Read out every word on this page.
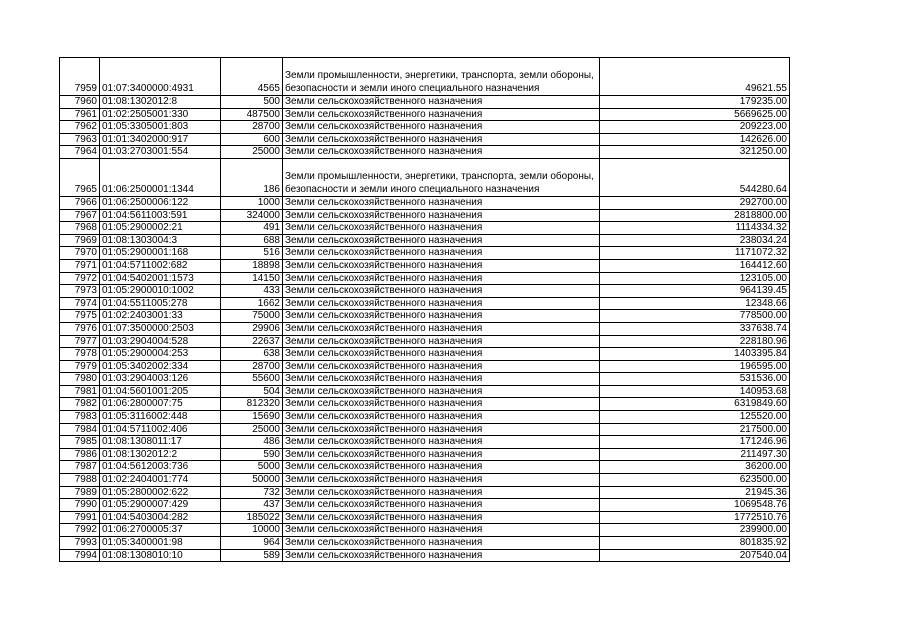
7959	01:07:3400000:4931	4565	Земли промышленности, энергетики, транспорта, земли обороны, безопасности и земли иного специального назначения	49621.55
7960	01:08:1302012:8	500	Земли сельскохозяйственного назначения	179235.00
7961	01:02:2505001:330	487500	Земли сельскохозяйственного назначения	5669625.00
7962	01:05:3305001:803	28700	Земли сельскохозяйственного назначения	209223.00
7963	01:01:3402000:917	600	Земли сельскохозяйственного назначения	142626.00
7964	01:03:2703001:554	25000	Земли сельскохозяйственного назначения	321250.00
7965	01:06:2500001:1344	186	Земли промышленности, энергетики, транспорта, земли обороны, безопасности и земли иного специального назначения	544280.64
7966	01:06:2500006:122	1000	Земли сельскохозяйственного назначения	292700.00
7967	01:04:5611003:591	324000	Земли сельскохозяйственного назначения	2818800.00
7968	01:05:2900002:21	491	Земли сельскохозяйственного назначения	1114334.32
7969	01:08:1303004:3	688	Земли сельскохозяйственного назначения	238034.24
7970	01:05:2900001:168	516	Земли сельскохозяйственного назначения	1171072.32
7971	01:04:5711002:682	18898	Земли сельскохозяйственного назначения	164412.60
7972	01:04:5402001:1573	14150	Земли сельскохозяйственного назначения	123105.00
7973	01:05:2900010:1002	433	Земли сельскохозяйственного назначения	964139.45
7974	01:04:5511005:278	1662	Земли сельскохозяйственного назначения	12348.66
7975	01:02:2403001:33	75000	Земли сельскохозяйственного назначения	778500.00
7976	01:07:3500000:2503	29906	Земли сельскохозяйственного назначения	337638.74
7977	01:03:2904004:528	22637	Земли сельскохозяйственного назначения	228180.96
7978	01:05:2900004:253	638	Земли сельскохозяйственного назначения	1403395.84
7979	01:05:3402002:334	28700	Земли сельскохозяйственного назначения	196595.00
7980	01:03:2904003:126	55600	Земли сельскохозяйственного назначения	531536.00
7981	01:04:5601001:205	504	Земли сельскохозяйственного назначения	140953.68
7982	01:06:2800007:75	812320	Земли сельскохозяйственного назначения	6319849.60
7983	01:05:3116002:448	15690	Земли сельскохозяйственного назначения	125520.00
7984	01:04:5711002:406	25000	Земли сельскохозяйственного назначения	217500.00
7985	01:08:1308011:17	486	Земли сельскохозяйственного назначения	171246.96
7986	01:08:1302012:2	590	Земли сельскохозяйственного назначения	211497.30
7987	01:04:5612003:736	5000	Земли сельскохозяйственного назначения	36200.00
7988	01:02:2404001:774	50000	Земли сельскохозяйственного назначения	623500.00
7989	01:05:2800002:622	732	Земли сельскохозяйственного назначения	21945.36
7990	01:05:2900007:429	437	Земли сельскохозяйственного назначения	1069548.76
7991	01:04:5403004:282	185022	Земли сельскохозяйственного назначения	1772510.76
7992	01:06:2700005:37	10000	Земли сельскохозяйственного назначения	239900.00
7993	01:05:3400001:98	964	Земли сельскохозяйственного назначения	801835.92
7994	01:08:1308010:10	589	Земли сельскохозяйственного назначения	207540.04
